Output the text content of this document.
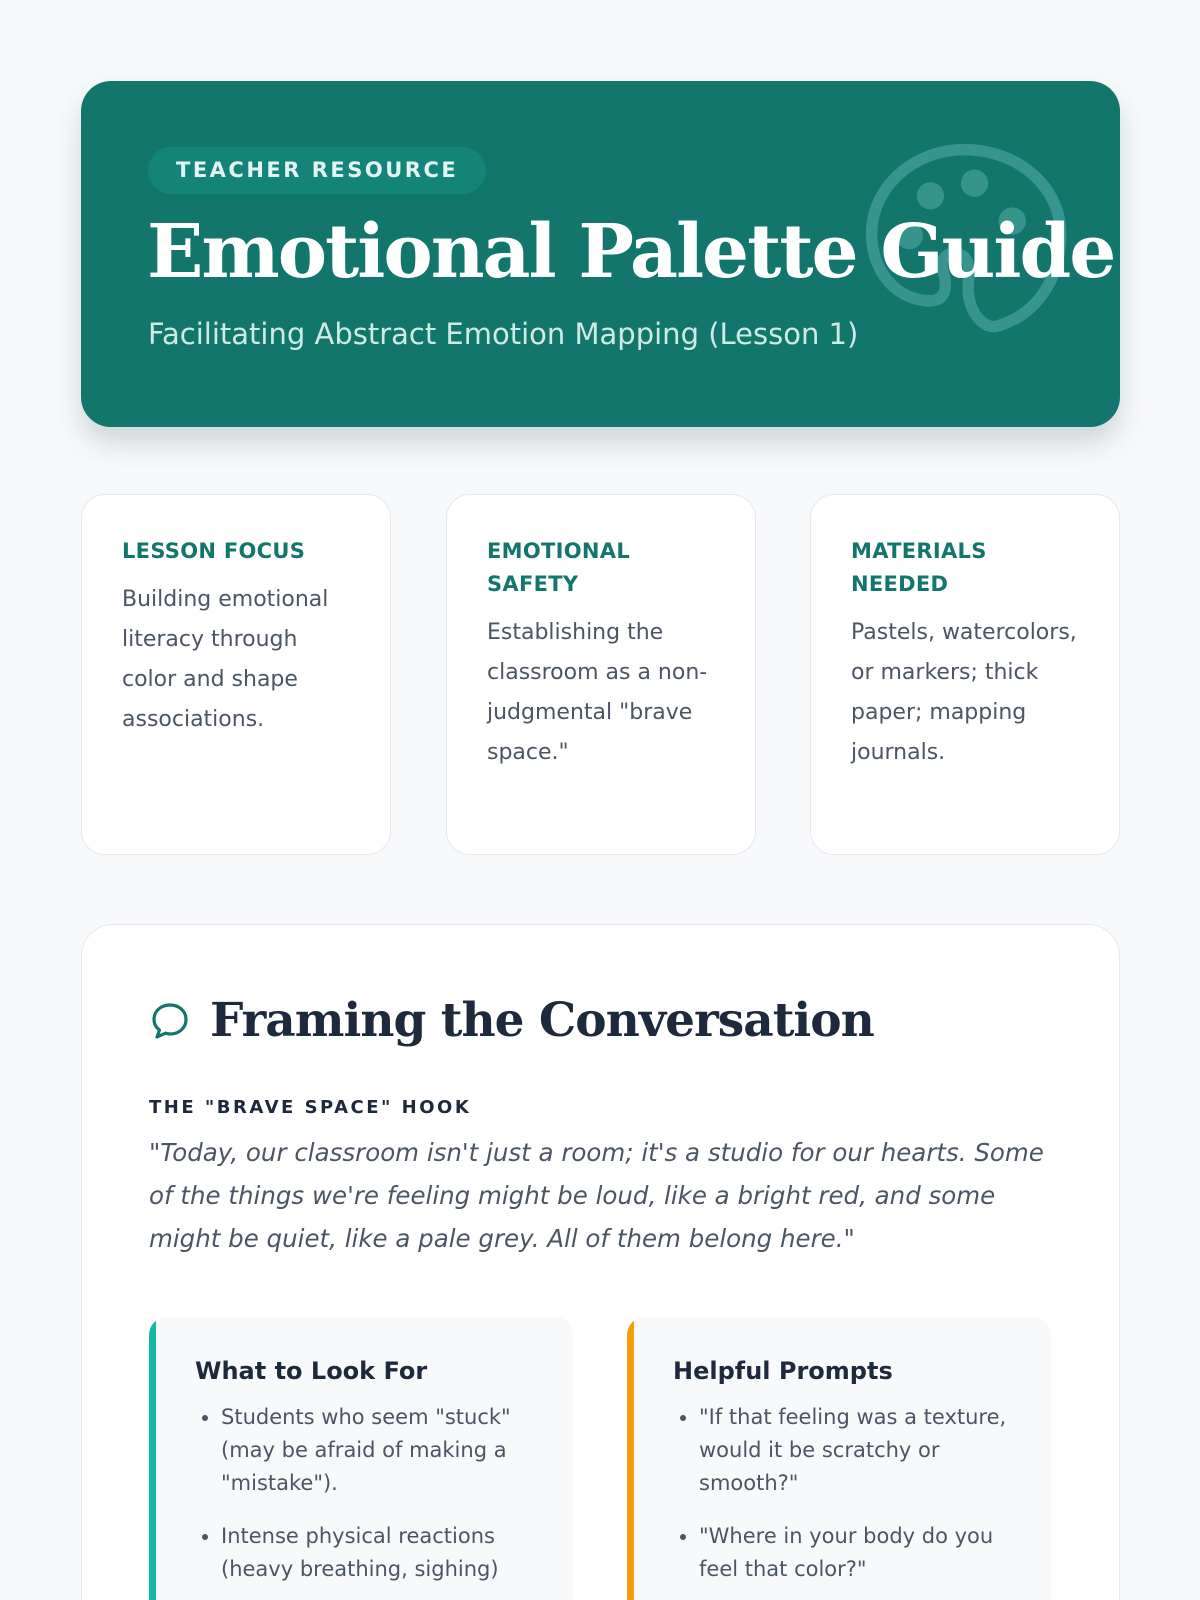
TEACHER RESOURCE
Emotional Palette Guide

Facilitating Abstract Emotion Mapping (Lesson 1)

LESSON FOCUS

Building emotional literacy through color and shape associations.

EMOTIONAL SAFETY

Establishing the classroom as a non-judgmental "brave space."

MATERIALS NEEDED

Pastels, watercolors, or markers; thick paper; mapping journals.

Framing the Conversation
THE "BRAVE SPACE" HOOK

"Today, our classroom isn't just a room; it's a studio for our hearts. Some of the things we're feeling might be loud, like a bright red, and some might be quiet, like a pale grey. All of them belong here."

What to Look For
• Students who seem "stuck" (may be afraid of making a "mistake").
• Intense physical reactions (heavy breathing, sighing)
Helpful Prompts
• "If that feeling was a texture, would it be scratchy or smooth?"
• "Where in your body do you feel that color?"
